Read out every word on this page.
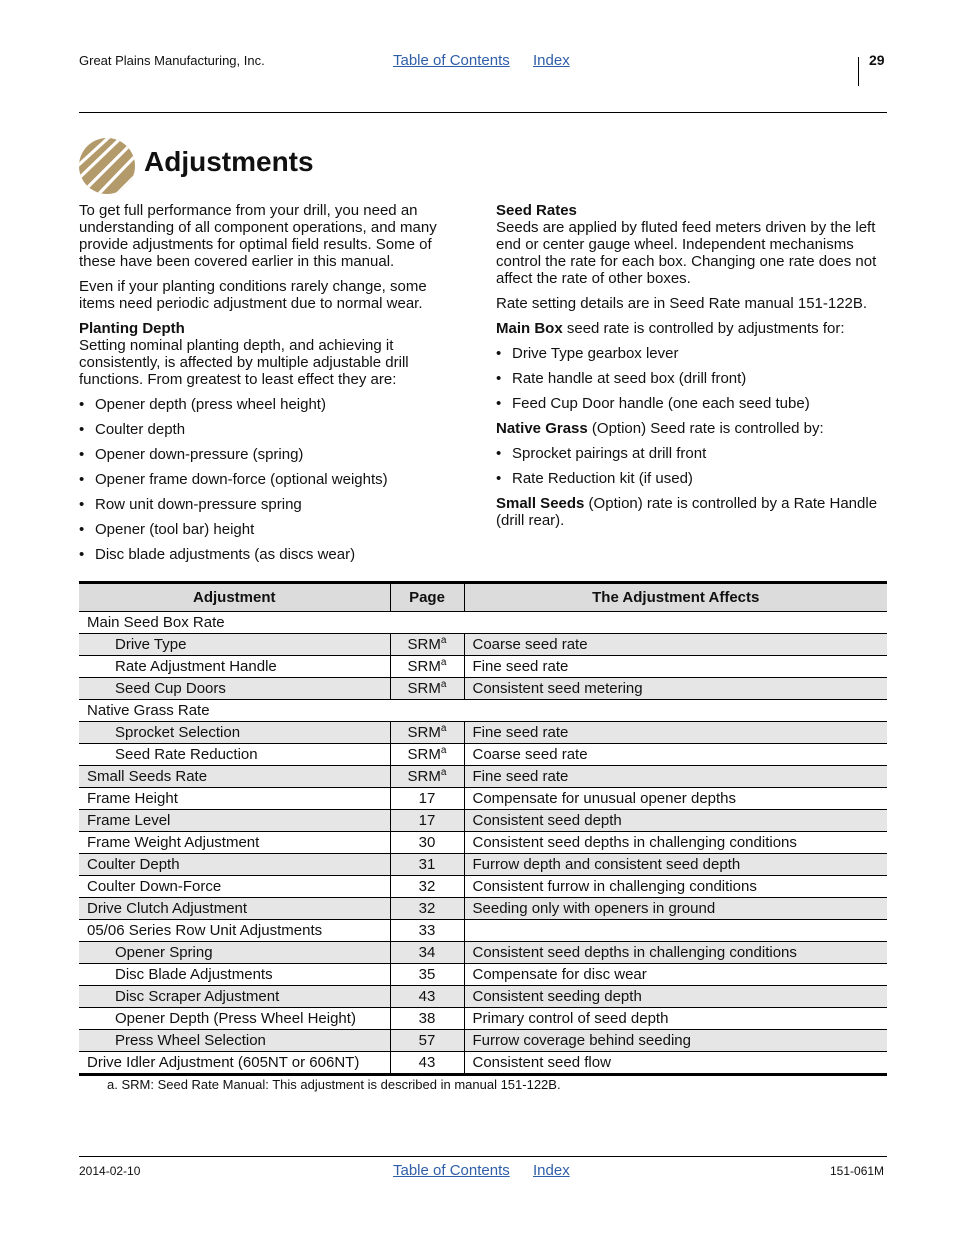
Great Plains Manufacturing, Inc.	Table of Contents Index	29
Adjustments

To get full performance from your drill, you need an understanding of all component operations, and many provide adjustments for optimal field results. Some of these have been covered earlier in this manual.

Even if your planting conditions rarely change, some items need periodic adjustment due to normal wear.

Planting Depth

Setting nominal planting depth, and achieving it consistently, is affected by multiple adjustable drill functions. From greatest to least effect they are:

• Opener depth (press wheel height)
• Coulter depth
• Opener down-pressure (spring)
• Opener frame down-force (optional weights)
• Row unit down-pressure spring
• Opener (tool bar) height
• Disc blade adjustments (as discs wear)
Seed Rates

Seeds are applied by fluted feed meters driven by the left end or center gauge wheel. Independent mechanisms control the rate for each box. Changing one rate does not affect the rate of other boxes.

Rate setting details are in Seed Rate manual 151-122B.

Main Box seed rate is controlled by adjustments for:

• Drive Type gearbox lever
• Rate handle at seed box (drill front)
• Feed Cup Door handle (one each seed tube)

Native Grass (Option) Seed rate is controlled by:

• Sprocket pairings at drill front
• Rate Reduction kit (if used)

Small Seeds (Option) rate is controlled by a Rate Handle (drill rear).

Adjustment	Page	The Adjustment Affects
Main Seed Box Rate		
Drive Type	SRM$^a$	Coarse seed rate
Rate Adjustment Handle	SRM$^a$	Fine seed rate
Seed Cup Doors	SRM$^a$	Consistent seed metering
Native Grass Rate		
Sprocket Selection	SRM$^a$	Fine seed rate
Seed Rate Reduction	SRM$^a$	Coarse seed rate
Small Seeds Rate	SRM$^a$	Fine seed rate
Frame Height	17	Compensate for unusual opener depths
Frame Level	17	Consistent seed depth
Frame Weight Adjustment	30	Consistent seed depths in challenging conditions
Coulter Depth	31	Furrow depth and consistent seed depth
Coulter Down-Force	32	Consistent furrow in challenging conditions
Drive Clutch Adjustment	32	Seeding only with openers in ground
05/06 Series Row Unit Adjustments	33	
Opener Spring	34	Consistent seed depths in challenging conditions
Disc Blade Adjustments	35	Compensate for disc wear
Disc Scraper Adjustment	43	Consistent seeding depth
Opener Depth (Press Wheel Height)	38	Primary control of seed depth
Press Wheel Selection	57	Furrow coverage behind seeding
Drive Idler Adjustment (605NT or 606NT)	43	Consistent seed flow
a. SRM: Seed Rate Manual: This adjustment is described in manual 151-122B.
2014-02-10	Table of Contents Index	151-061M
